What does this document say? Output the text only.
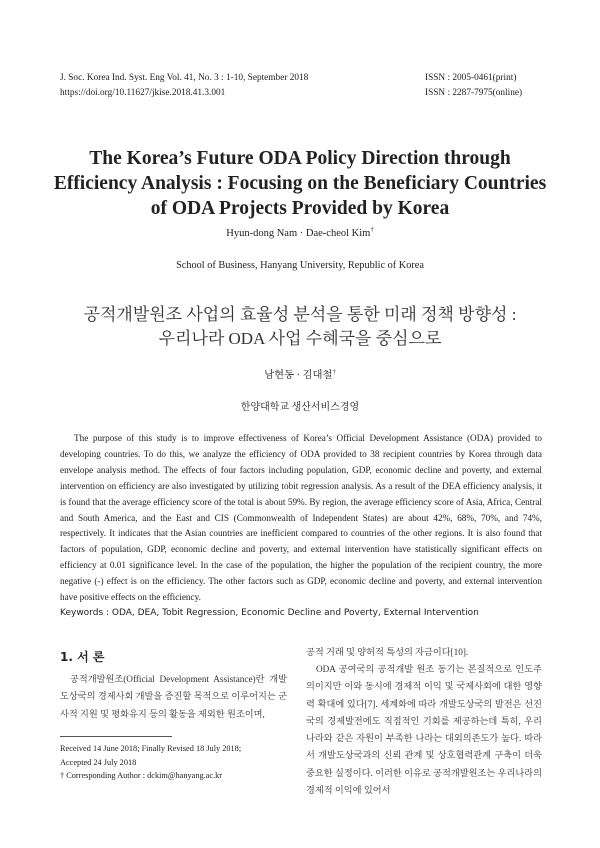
J. Soc. Korea Ind. Syst. Eng Vol. 41, No. 3 : 1-10, September 2018
https://doi.org/10.11627/jkise.2018.41.3.001
ISSN : 2005-0461(print)
ISSN : 2287-7975(online)
The Korea’s Future ODA Policy Direction through
Efficiency Analysis : Focusing on the Beneficiary Countries
of ODA Projects Provided by Korea
Hyun-dong Nam · Dae-cheol Kim†
School of Business, Hanyang University, Republic of Korea
공적개발원조 사업의 효율성 분석을 통한 미래 정책 방향성 :
우리나라 ODA 사업 수혜국을 중심으로
남현동 · 김대철†
한양대학교 생산서비스경영
The purpose of this study is to improve effectiveness of Korea’s Official Development Assistance (ODA) provided to developing countries. To do this, we analyze the efficiency of ODA provided to 38 recipient countries by Korea through data envelope analysis method. The effects of four factors including population, GDP, economic decline and poverty, and external intervention on efficiency are also investigated by utilizing tobit regression analysis. As a result of the DEA efficiency analysis, it is found that the average efficiency score of the total is about 59%. By region, the average efficiency score of Asia, Africa, Central and South America, and the East and CIS (Commonwealth of Independent States) are about 42%, 68%, 70%, and 74%, respectively. It indicates that the Asian countries are inefficient compared to countries of the other regions. It is also found that factors of population, GDP, economic decline and poverty, and external intervention have statistically significant effects on efficiency at 0.01 significance level. In the case of the population, the higher the population of the recipient country, the more negative (-) effect is on the efficiency. The other factors such as GDP, economic decline and poverty, and external intervention have positive effects on the efficiency.
Keywords : ODA, DEA, Tobit Regression, Economic Decline and Poverty, External Intervention
1. 서 론
공적개발원조(Official Development Assistance)란 개발도상국의 경제사회 개발을 증진할 목적으로 이루어지는 군사적 지원 및 평화유지 등의 활동을 제외한 원조이며,
Received 14 June 2018; Finally Revised 18 July 2018;
Accepted 24 July 2018
† Corresponding Author : dckim@hanyang.ac.kr
공적 거래 및 양허적 특성의 자금이다[10].
ODA 공여국의 공적개발 원조 동기는 본질적으로 인도주의이지만 이와 동시에 경제적 이익 및 국제사회에 대한 영향력 확대에 있다[7]. 세계화에 따라 개발도상국의 발전은 선진국의 경제발전에도 직접적인 기회를 제공하는데 특히, 우리나라와 같은 자원이 부족한 나라는 대외의존도가 높다. 따라서 개발도상국과의 신뢰 관계 및 상호협력관계 구축이 더욱 중요한 실정이다. 이러한 이유로 공적개발원조는 우리나라의 경제적 이익에 있어서
